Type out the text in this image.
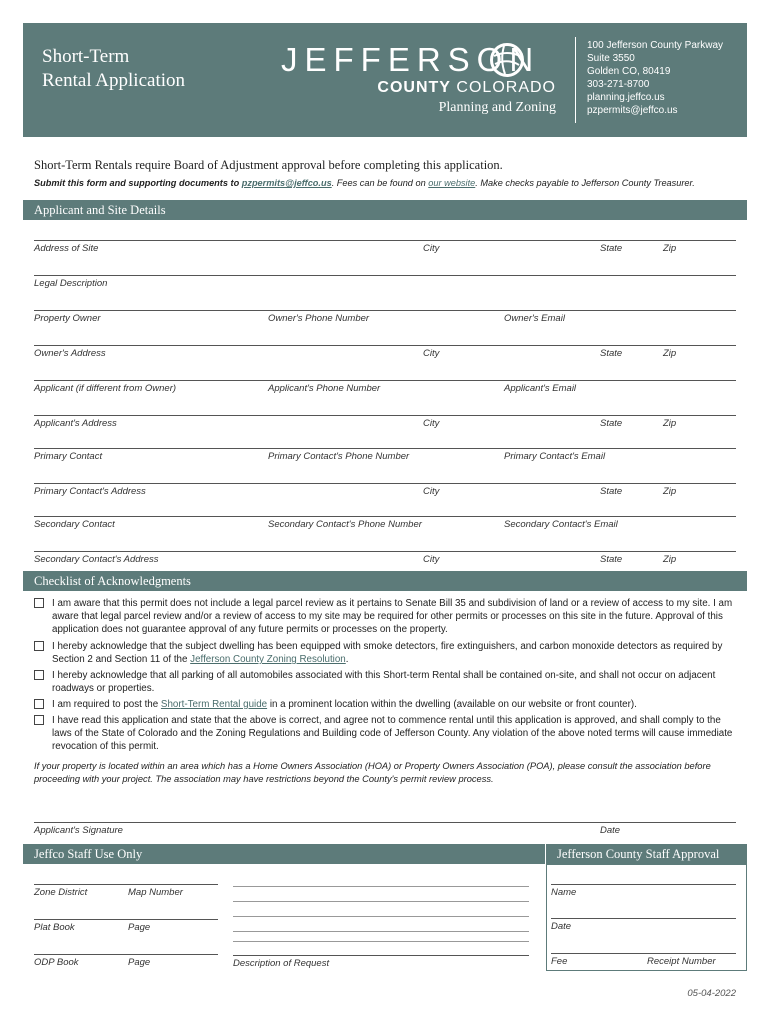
Short-Term
Rental Application
JEFFERSON
COUNTY COLORADO
Planning and Zoning
100 Jefferson County Parkway
Suite 3550
Golden CO, 80419
303-271-8700
planning.jeffco.us
pzpermits@jeffco.us
Short-Term Rentals require Board of Adjustment approval before completing this application.
Submit this form and supporting documents to pzpermits@jeffco.us. Fees can be found on our website. Make checks payable to Jefferson County Treasurer.
Applicant and Site Details
Address of Site	City	State	Zip
Legal Description
Property Owner	Owner's Phone Number	Owner's Email
Owner's Address	City	State	Zip
Applicant (if different from Owner)	Applicant's Phone Number	Applicant's Email
Applicant's Address	City	State	Zip
Primary Contact	Primary Contact's Phone Number	Primary Contact's Email
Primary Contact's Address	City	State	Zip
Secondary Contact	Secondary Contact's Phone Number	Secondary Contact's Email
Secondary Contact's Address	City	State	Zip
Checklist of Acknowledgments
I am aware that this permit does not include a legal parcel review as it pertains to Senate Bill 35 and subdivision of land or a review of access to my site. I am aware that legal parcel review and/or a review of access to my site may be required for other permits or processes on this site in the future. Approval of this application does not guarantee approval of any future permits or processes on the property.
I hereby acknowledge that the subject dwelling has been equipped with smoke detectors, fire extinguishers, and carbon monoxide detectors as required by Section 2 and Section 11 of the Jefferson County Zoning Resolution.
I hereby acknowledge that all parking of all automobiles associated with this Short-term Rental shall be contained on-site, and shall not occur on adjacent roadways or properties.
I am required to post the Short-Term Rental guide in a prominent location within the dwelling (available on our website or front counter).
I have read this application and state that the above is correct, and agree not to commence rental until this application is approved, and shall comply to the laws of the State of Colorado and the Zoning Regulations and Building code of Jefferson County. Any violation of the above noted terms will cause immediate revocation of this permit.
If your property is located within an area which has a Home Owners Association (HOA) or Property Owners Association (POA), please consult the association before proceeding with your project. The association may have restrictions beyond the County's permit review process.
Applicant's Signature	Date
Jeffco Staff Use Only	Jefferson County Staff Approval
Zone District	Map Number
Plat Book	Page
ODP Book	Page	Description of Request
Name
Date
Fee	Receipt Number
05-04-2022
